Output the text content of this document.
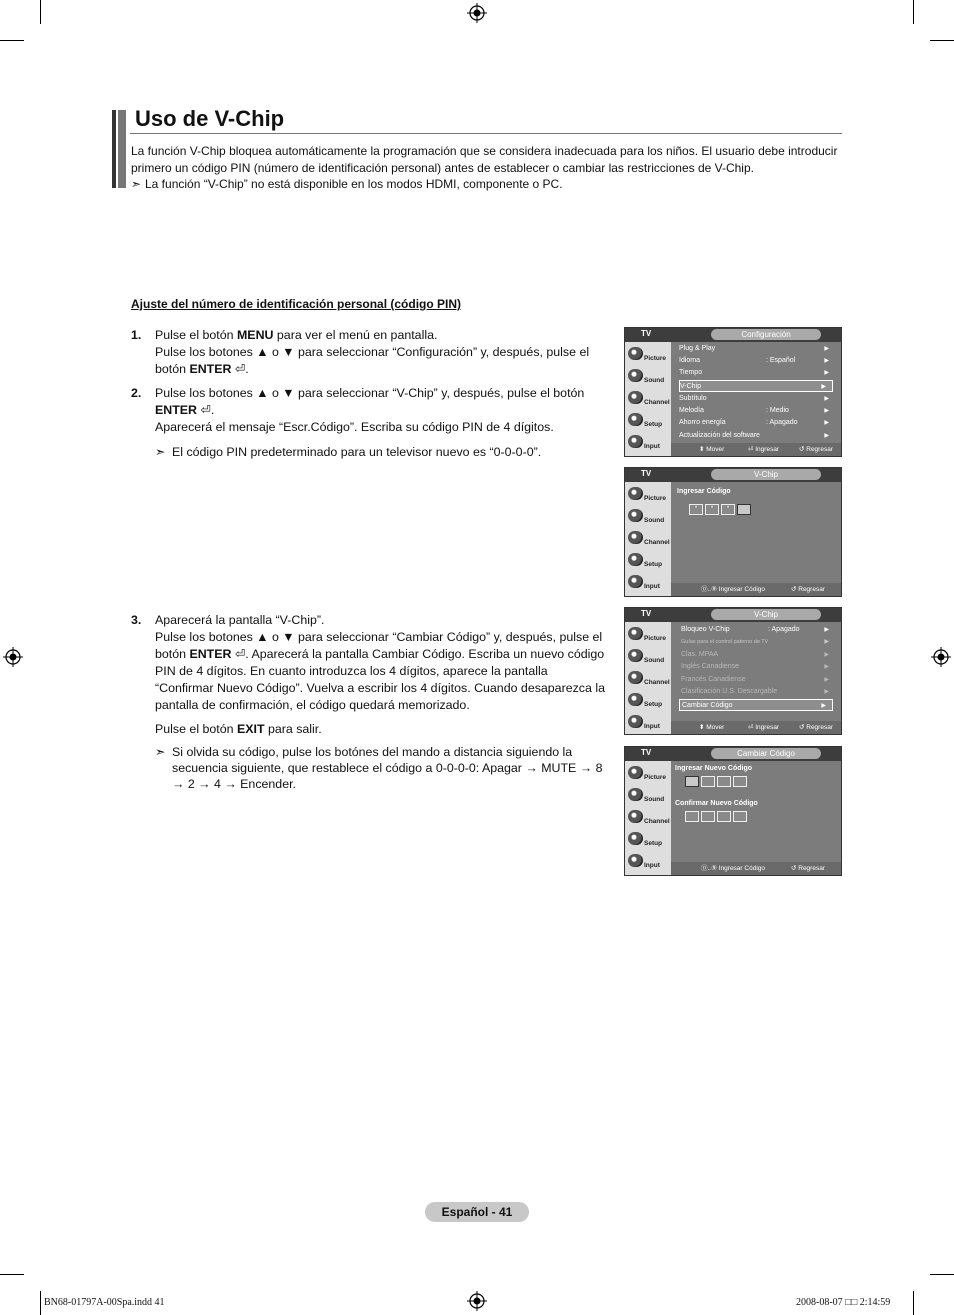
Uso de V-Chip

La función V-Chip bloquea automáticamente la programación que se considera inadecuada para los niños. El usuario debe introducir primero un código PIN (número de identificación personal) antes de establecer o cambiar las restricciones de V-Chip.

➣ La función “V-Chip” no está disponible en los modos HDMI, componente o PC.

Ajuste del número de identificación personal (código PIN)
1. Pulse el botón MENU para ver el menú en pantalla.

Pulse los botones ▲ o ▼ para seleccionar “Configuración” y, después, pulse el botón ENTER ⏎.

2. Pulse los botones ▲ o ▼ para seleccionar “V-Chip” y, después, pulse el botón ENTER ⏎.

Aparecerá el mensaje “Escr.Código”. Escriba su código PIN de 4 dígitos.

➣ El código PIN predeterminado para un televisor nuevo es “0-0-0-0”.
3. Aparecerá la pantalla “V-Chip”.

Pulse los botones ▲ o ▼ para seleccionar “Cambiar Código” y, después, pulse el botón ENTER ⏎. Aparecerá la pantalla Cambiar Código. Escriba un nuevo código PIN de 4 dígitos. En cuanto introduzca los 4 dígitos, aparece la pantalla “Confirmar Nuevo Código”. Vuelva a escribir los 4 dígitos. Cuando desaparezca la pantalla de confirmación, el código quedará memorizado.

Pulse el botón EXIT para salir.

➣ Si olvida su código, pulse los botónes del mando a distancia siguiendo la secuencia siguiente, que restablece el código a 0-0-0-0: Apagar → MUTE → 8 → 2 → 4 → Encender.
TV	Configuración
Picture
Sound
Channel
Setup
Input
Plug & Play	▶
Idioma	: Español	▶
Tiempo	▶
V-Chip	▶
Subtítulo	▶
Melodía	: Medio	▶
Ahorro energía	: Apagado	▶
Actualización del software	▶
⬍ Mover	⏎ Ingresar	↺ Regresar
TV	V-Chip
Picture
Sound
Channel
Setup
Input
Ingresar Código
*	*	*
⓪..⑨ Ingresar Código	↺ Regresar
TV	V-Chip
Picture
Sound
Channel
Setup
Input
Bloqueo V-Chip	: Apagado	▶
Guías para el control paterno de TV	▶
Clas. MPAA	▶
Inglés Canadiense	▶
Francés Canadiense	▶
Clasificación U.S. Descargable	▶
Cambiar Código	▶
⬍ Mover	⏎ Ingresar	↺ Regresar
TV	Cambiar Código
Picture
Sound
Channel
Setup
Input
Ingresar Nuevo Código
Confirmar Nuevo Código
⓪..⑨ Ingresar Código	↺ Regresar
Español - 41
BN68-01797A-00Spa.indd 41	2008-08-07 □□ 2:14:59
